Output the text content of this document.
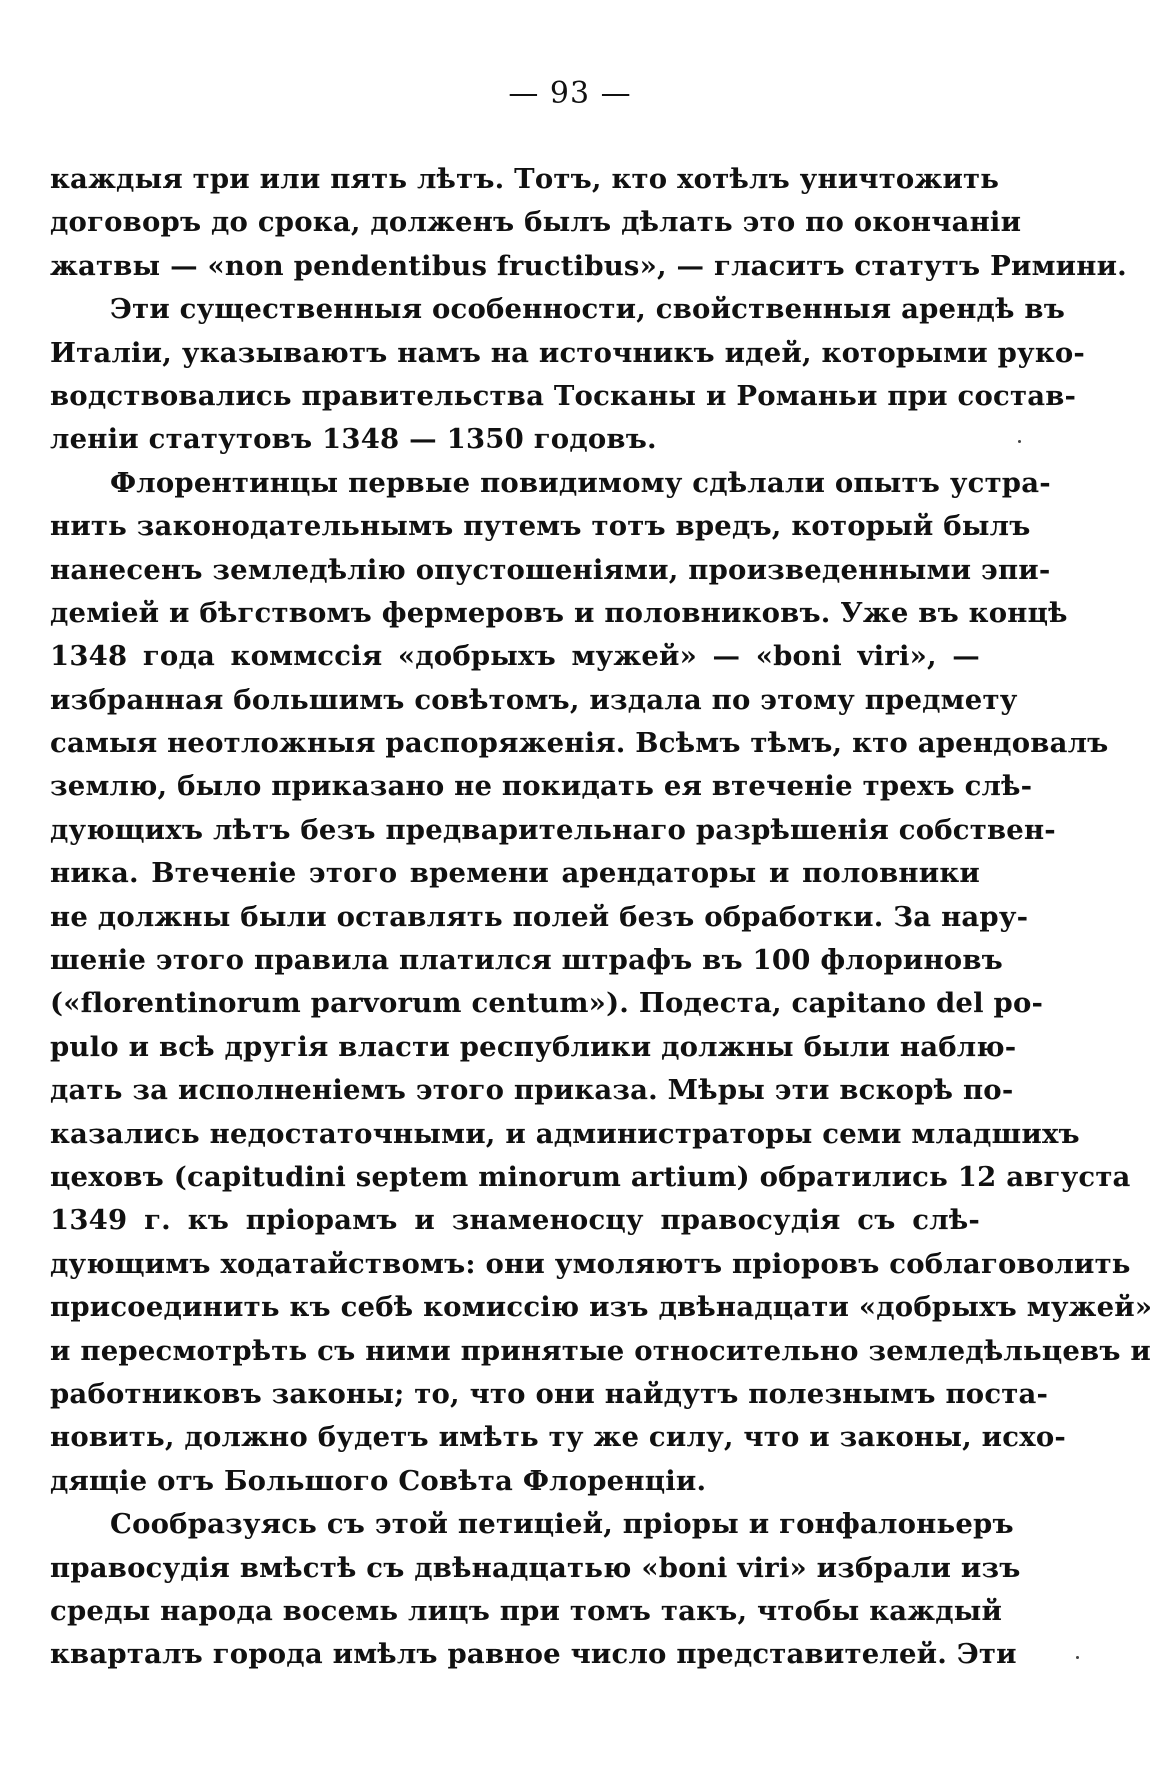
— 93 —
каждыя три или пять лѣтъ. Тотъ, кто хотѣлъ уничтожить
договоръ до срока, долженъ былъ дѣлать это по окончаніи
жатвы — «non pendentibus fructibus», — гласитъ статутъ Римини.
Эти существенныя особенности, свойственныя арендѣ въ
Италіи, указываютъ намъ на источникъ идей, которыми руко-
водствовались правительства Тосканы и Романьи при состав-
леніи статутовъ 1348 — 1350 годовъ.
Флорентинцы первые повидимому сдѣлали опытъ устра-
нить законодательнымъ путемъ тотъ вредъ, который былъ
нанесенъ земледѣлію опустошеніями, произведенными эпи-
деміей и бѣгствомъ фермеровъ и половниковъ. Уже въ концѣ
1348 года коммссія «добрыхъ мужей» — «boni viri», —
избранная большимъ совѣтомъ, издала по этому предмету
самыя неотложныя распоряженія. Всѣмъ тѣмъ, кто арендовалъ
землю, было приказано не покидать ея втеченіе трехъ слѣ-
дующихъ лѣтъ безъ предварительнаго разрѣшенія собствен-
ника. Втеченіе этого времени арендаторы и половники
не должны были оставлять полей безъ обработки. За нару-
шеніе этого правила платился штрафъ въ 100 флориновъ
(«florentinorum parvorum centum»). Подеста, capitano del po-
pulo и всѣ другія власти республики должны были наблю-
дать за исполненіемъ этого приказа. Мѣры эти вскорѣ по-
казались недостаточными, и администраторы семи младшихъ
цеховъ (capitudini septem minorum artium) обратились 12 августа
1349 г. къ пріорамъ и знаменосцу правосудія съ слѣ-
дующимъ ходатайствомъ: они умоляютъ пріоровъ соблаговолить
присоединить къ себѣ комиссію изъ двѣнадцати «добрыхъ мужей»
и пересмотрѣть съ ними принятые относительно земледѣльцевъ и
работниковъ законы; то, что они найдутъ полезнымъ поста-
новить, должно будетъ имѣть ту же силу, что и законы, исхо-
дящіе отъ Большого Совѣта Флоренціи.
Сообразуясь съ этой петиціей, пріоры и гонфалоньеръ
правосудія вмѣстѣ съ двѣнадцатью «boni viri» избрали изъ
среды народа восемь лицъ при томъ такъ, чтобы каждый
кварталъ города имѣлъ равное число представителей. Эти
